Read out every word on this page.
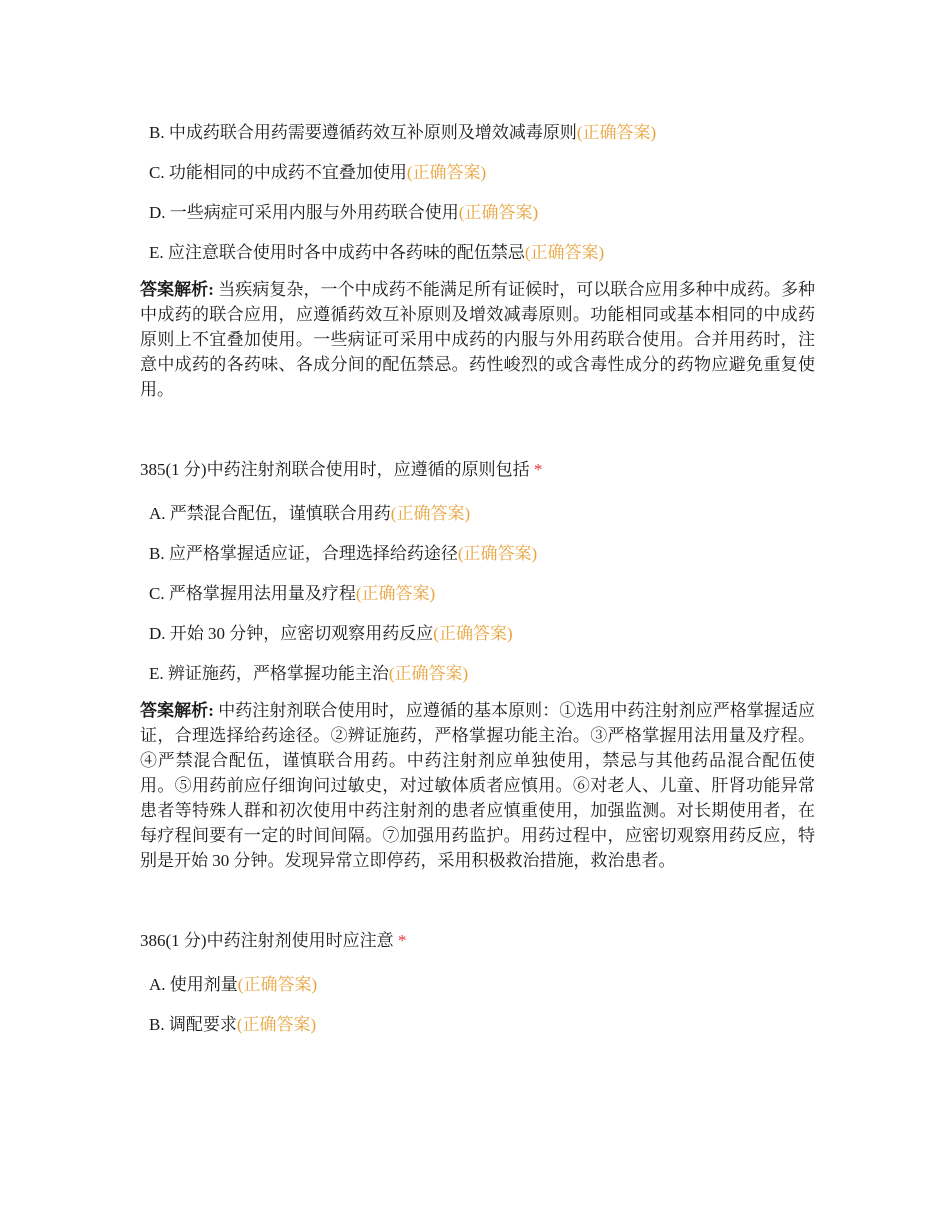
B. 中成药联合用药需要遵循药效互补原则及增效减毒原则(正确答案)
C. 功能相同的中成药不宜叠加使用(正确答案)
D. 一些病症可采用内服与外用药联合使用(正确答案)
E. 应注意联合使用时各中成药中各药味的配伍禁忌(正确答案)

答案解析: 当疾病复杂，一个中成药不能满足所有证候时，可以联合应用多种中成药。多种中成药的联合应用，应遵循药效互补原则及增效减毒原则。功能相同或基本相同的中成药原则上不宜叠加使用。一些病证可采用中成药的内服与外用药联合使用。合并用药时，注意中成药的各药味、各成分间的配伍禁忌。药性峻烈的或含毒性成分的药物应避免重复使用。

385(1 分)中药注射剂联合使用时，应遵循的原则包括 *
A. 严禁混合配伍，谨慎联合用药(正确答案)
B. 应严格掌握适应证，合理选择给药途径(正确答案)
C. 严格掌握用法用量及疗程(正确答案)
D. 开始 30 分钟，应密切观察用药反应(正确答案)
E. 辨证施药，严格掌握功能主治(正确答案)

答案解析: 中药注射剂联合使用时，应遵循的基本原则：①选用中药注射剂应严格掌握适应证，合理选择给药途径。②辨证施药，严格掌握功能主治。③严格掌握用法用量及疗程。④严禁混合配伍，谨慎联合用药。中药注射剂应单独使用，禁忌与其他药品混合配伍使用。⑤用药前应仔细询问过敏史，对过敏体质者应慎用。⑥对老人、儿童、肝肾功能异常患者等特殊人群和初次使用中药注射剂的患者应慎重使用，加强监测。对长期使用者，在每疗程间要有一定的时间间隔。⑦加强用药监护。用药过程中，应密切观察用药反应，特别是开始 30 分钟。发现异常立即停药，采用积极救治措施，救治患者。

386(1 分)中药注射剂使用时应注意 *
A. 使用剂量(正确答案)
B. 调配要求(正确答案)
